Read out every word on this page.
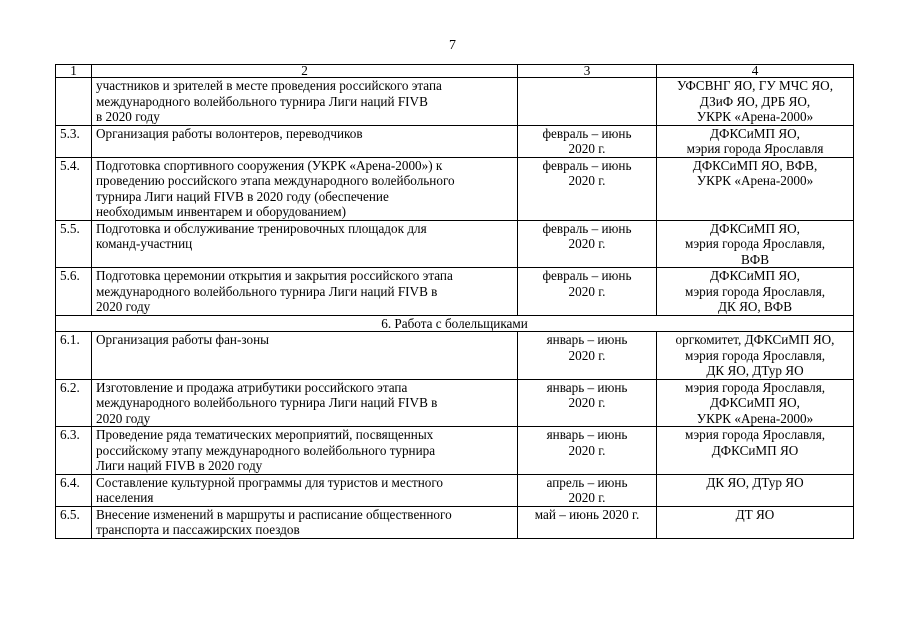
7
1	2	3	4

	участников и зрителей в месте проведения российского этапа
международного волейбольного турнира Лиги наций FIVB
в 2020 году		УФСВНГ ЯО, ГУ МЧС ЯО,
ДЗиФ ЯО, ДРБ ЯО,
УКРК «Арена-2000»

5.3.	Организация работы волонтеров, переводчиков	февраль – июнь
2020 г.	ДФКСиМП ЯО,
мэрия города Ярославля

5.4.	Подготовка спортивного сооружения (УКРК «Арена-2000») к
проведению российского этапа международного волейбольного
турнира Лиги наций FIVB в 2020 году (обеспечение
необходимым инвентарем и оборудованием)	февраль – июнь
2020 г.	ДФКСиМП ЯО, ВФВ,
УКРК «Арена-2000»

5.5.	Подготовка и обслуживание тренировочных площадок для
команд-участниц	февраль – июнь
2020 г.	ДФКСиМП ЯО,
мэрия города Ярославля,
ВФВ

5.6.	Подготовка церемонии открытия и закрытия российского этапа
международного волейбольного турнира Лиги наций FIVB в
2020 году	февраль – июнь
2020 г.	ДФКСиМП ЯО,
мэрия города Ярославля,
ДК ЯО, ВФВ

6. Работа с болельщиками			
6.1.	Организация работы фан-зоны	январь – июнь
2020 г.	оргкомитет, ДФКСиМП ЯО,
мэрия города Ярославля,
ДК ЯО, ДТур ЯО

6.2.	Изготовление и продажа атрибутики российского этапа
международного волейбольного турнира Лиги наций FIVB в
2020 году	январь – июнь
2020 г.	мэрия города Ярославля,
ДФКСиМП ЯО,
УКРК «Арена-2000»

6.3.	Проведение ряда тематических мероприятий, посвященных
российскому этапу международного волейбольного турнира
Лиги наций FIVB в 2020 году	январь – июнь
2020 г.	мэрия города Ярославля,
ДФКСиМП ЯО

6.4.	Составление культурной программы для туристов и местного
населения	апрель – июнь
2020 г.	ДК ЯО, ДТур ЯО

6.5.	Внесение изменений в маршруты и расписание общественного
транспорта и пассажирских поездов	май – июнь 2020 г.	ДТ ЯО
